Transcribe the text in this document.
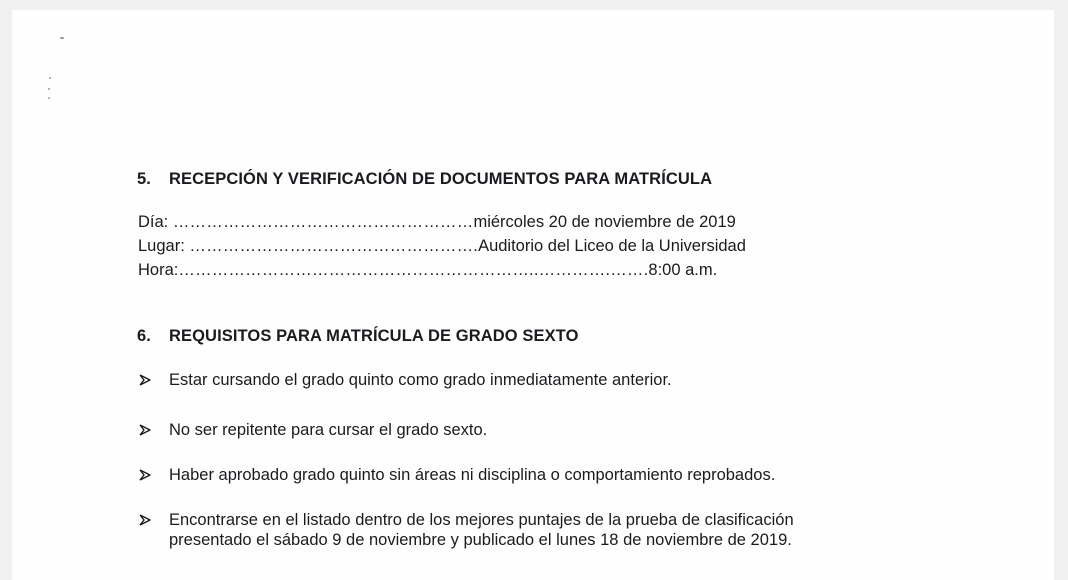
5. RECEPCIÓN Y VERIFICACIÓN DE DOCUMENTOS PARA MATRÍCULA
Día: ………………………………………………miércoles 20 de noviembre de 2019
Lugar: …………………………………………….Auditorio del Liceo de la Universidad
Hora:………………………………………………………..………….…….8:00 a.m.
6. REQUISITOS PARA MATRÍCULA DE GRADO SEXTO
Estar cursando el grado quinto como grado inmediatamente anterior.
No ser repitente para cursar el grado sexto.
Haber aprobado grado quinto sin áreas ni disciplina o comportamiento reprobados.
Encontrarse en el listado dentro de los mejores puntajes de la prueba de clasificación
presentado el sábado 9 de noviembre y publicado el lunes 18 de noviembre de 2019.
